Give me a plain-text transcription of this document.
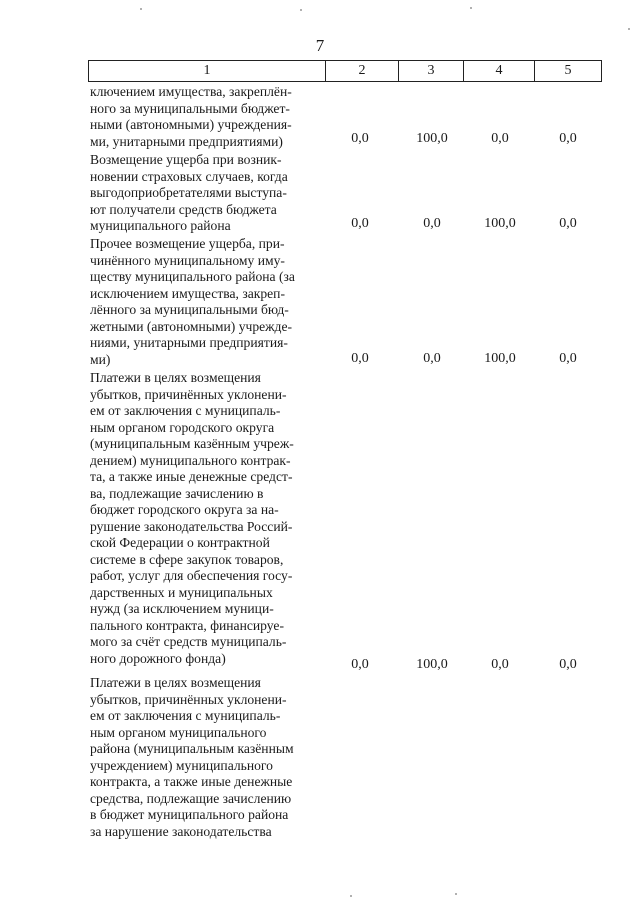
7
1	2	3	4	5
ключением имущества, закреплён-
ного за муниципальными бюджет-
ными (автономными) учреждения-
ми, унитарными предприятиями)	0,0	100,0	0,0	0,0
Возмещение ущерба при возник-
новении страховых случаев, когда
выгодоприобретателями выступа-
ют получатели средств бюджета
муниципального района	0,0	0,0	100,0	0,0
Прочее возмещение ущерба, при-
чинённого муниципальному иму-
ществу муниципального района (за
исключением имущества, закреп-
лённого за муниципальными бюд-
жетными (автономными) учрежде-
ниями, унитарными предприятия-
ми)	0,0	0,0	100,0	0,0
Платежи в целях возмещения
убытков, причинённых уклонени-
ем от заключения с муниципаль-
ным органом городского округа
(муниципальным казённым учреж-
дением) муниципального контрак-
та, а также иные денежные средст-
ва, подлежащие зачислению в
бюджет городского округа за на-
рушение законодательства Россий-
ской Федерации о контрактной
системе в сфере закупок товаров,
работ, услуг для обеспечения госу-
дарственных и муниципальных
нужд (за исключением муници-
пального контракта, финансируе-
мого за счёт средств муниципаль-
ного дорожного фонда)	0,0	100,0	0,0	0,0
Платежи в целях возмещения
убытков, причинённых уклонени-
ем от заключения с муниципаль-
ным органом муниципального
района (муниципальным казённым
учреждением) муниципального
контракта, а также иные денежные
средства, подлежащие зачислению
в бюджет муниципального района
за нарушение законодательства
